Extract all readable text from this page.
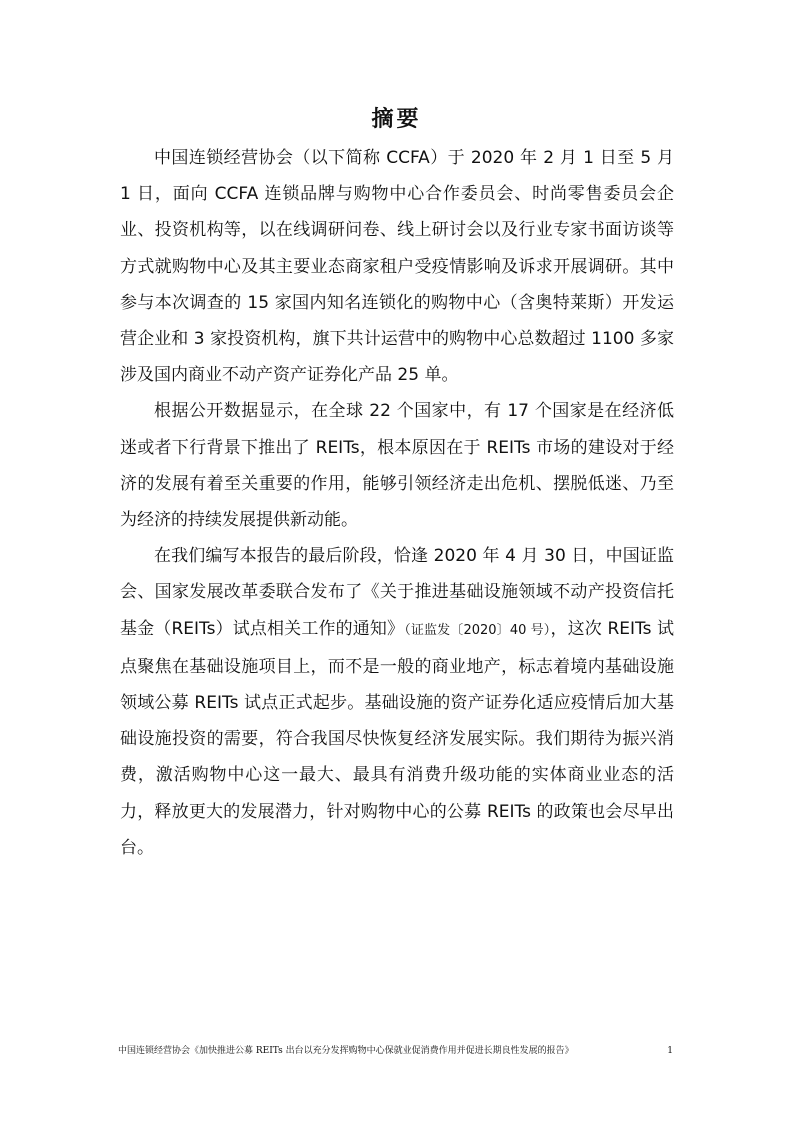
摘要

中国连锁经营协会（以下简称 CCFA）于 2020 年 2 月 1 日至 5 月 1 日，面向 CCFA 连锁品牌与购物中心合作委员会、时尚零售委员会企业、投资机构等，以在线调研问卷、线上研讨会以及行业专家书面访谈等方式就购物中心及其主要业态商家租户受疫情影响及诉求开展调研。其中参与本次调查的 15 家国内知名连锁化的购物中心（含奥特莱斯）开发运营企业和 3 家投资机构，旗下共计运营中的购物中心总数超过 1100 多家涉及国内商业不动产资产证券化产品 25 单。

根据公开数据显示，在全球 22 个国家中，有 17 个国家是在经济低迷或者下行背景下推出了 REITs，根本原因在于 REITs 市场的建设对于经济的发展有着至关重要的作用，能够引领经济走出危机、摆脱低迷、乃至为经济的持续发展提供新动能。

在我们编写本报告的最后阶段，恰逢 2020 年 4 月 30 日，中国证监会、国家发展改革委联合发布了《关于推进基础设施领域不动产投资信托基金（REITs）试点相关工作的通知》（证监发〔2020〕40 号），这次 REITs 试点聚焦在基础设施项目上，而不是一般的商业地产，标志着境内基础设施领域公募 REITs 试点正式起步。基础设施的资产证券化适应疫情后加大基础设施投资的需要，符合我国尽快恢复经济发展实际。我们期待为振兴消费，激活购物中心这一最大、最具有消费升级功能的实体商业业态的活力，释放更大的发展潜力，针对购物中心的公募 REITs 的政策也会尽早出台。

中国连锁经营协会《加快推进公募 REITs 出台以充分发挥购物中心保就业促消费作用并促进长期良性发展的报告》	1
